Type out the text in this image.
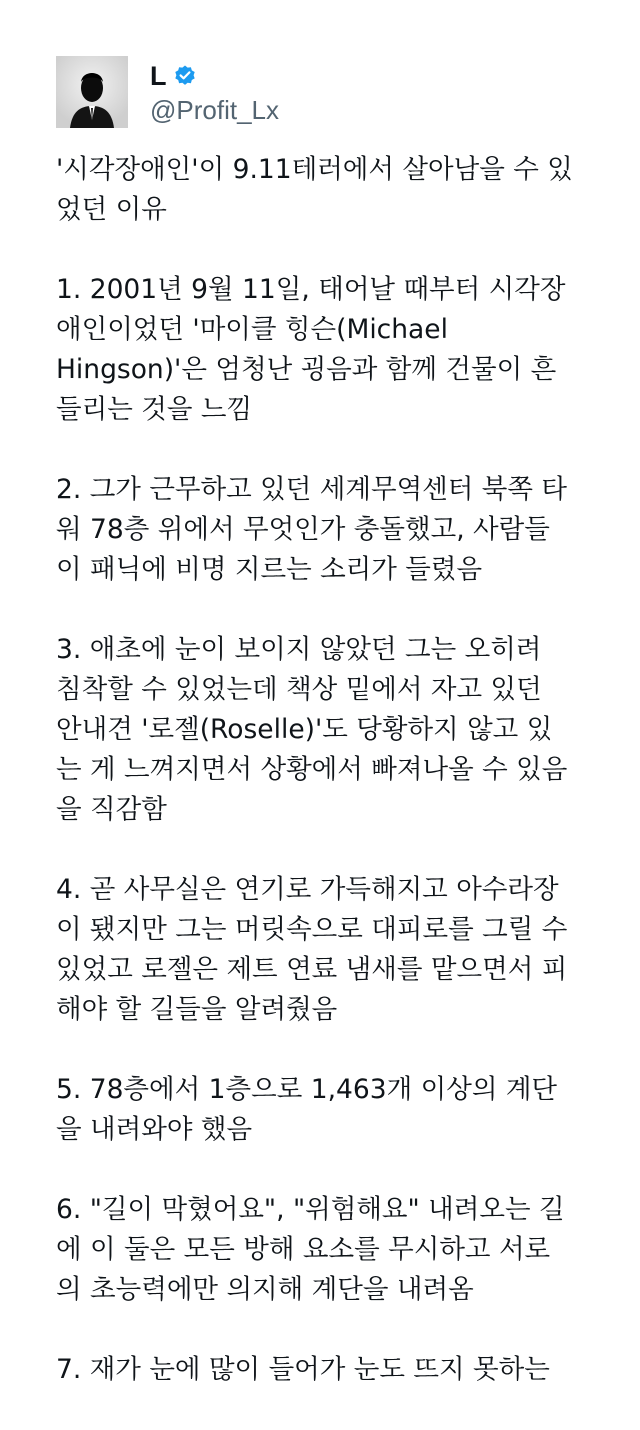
L
@Profit_Lx
'시각장애인'이 9.11테러에서 살아남을 수 있
었던 이유
1. 2001년 9월 11일, 태어날 때부터 시각장
애인이었던 '마이클 힝슨(Michael
Hingson)'은 엄청난 굉음과 함께 건물이 흔
들리는 것을 느낌
2. 그가 근무하고 있던 세계무역센터 북쪽 타
워 78층 위에서 무엇인가 충돌했고, 사람들
이 패닉에 비명 지르는 소리가 들렸음
3. 애초에 눈이 보이지 않았던 그는 오히려
침착할 수 있었는데 책상 밑에서 자고 있던
안내견 '로젤(Roselle)'도 당황하지 않고 있
는 게 느껴지면서 상황에서 빠져나올 수 있음
을 직감함
4. 곧 사무실은 연기로 가득해지고 아수라장
이 됐지만 그는 머릿속으로 대피로를 그릴 수
있었고 로젤은 제트 연료 냄새를 맡으면서 피
해야 할 길들을 알려줬음
5. 78층에서 1층으로 1,463개 이상의 계단
을 내려와야 했음
6. "길이 막혔어요", "위험해요" 내려오는 길
에 이 둘은 모든 방해 요소를 무시하고 서로
의 초능력에만 의지해 계단을 내려옴
7. 재가 눈에 많이 들어가 눈도 뜨지 못하는
